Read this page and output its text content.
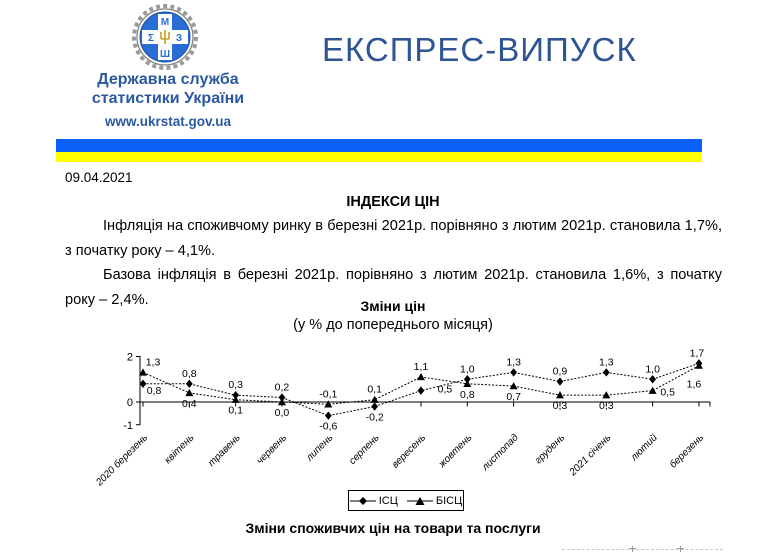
М
Σ З
Ш
Державна служба
статистики України
www.ukrstat.gov.ua
ЕКСПРЕС-ВИПУСК
09.04.2021
ІНДЕКСИ ЦІН

Інфляція на споживчому ринку в березні 2021р. порівняно з лютим 2021р. становила 1,7%, з початку року – 4,1%.

Базова інфляція в березні 2021р. порівняно з лютим 2021р. становила 1,6%, з початку року – 2,4%.	Зміни цін
(у % до попереднього місяця)
2
0
-1
1,3
0,8
0,8
0,4
0,3
0,1
0,2
0,0
-0,1
-0,6
0,1
-0,2
1,1
0,5
1,0
0,8
1,3
0,7
0,9
0,3
1,3
0,3
1,0
0,5
1,7
1,6
2020 березень квітень травень червень липень серпень вересень жовтень листопад грудень 2021 січень лютий березень
ІСЦ	БІСЦ
Зміни споживчих цін на товари та послуги
